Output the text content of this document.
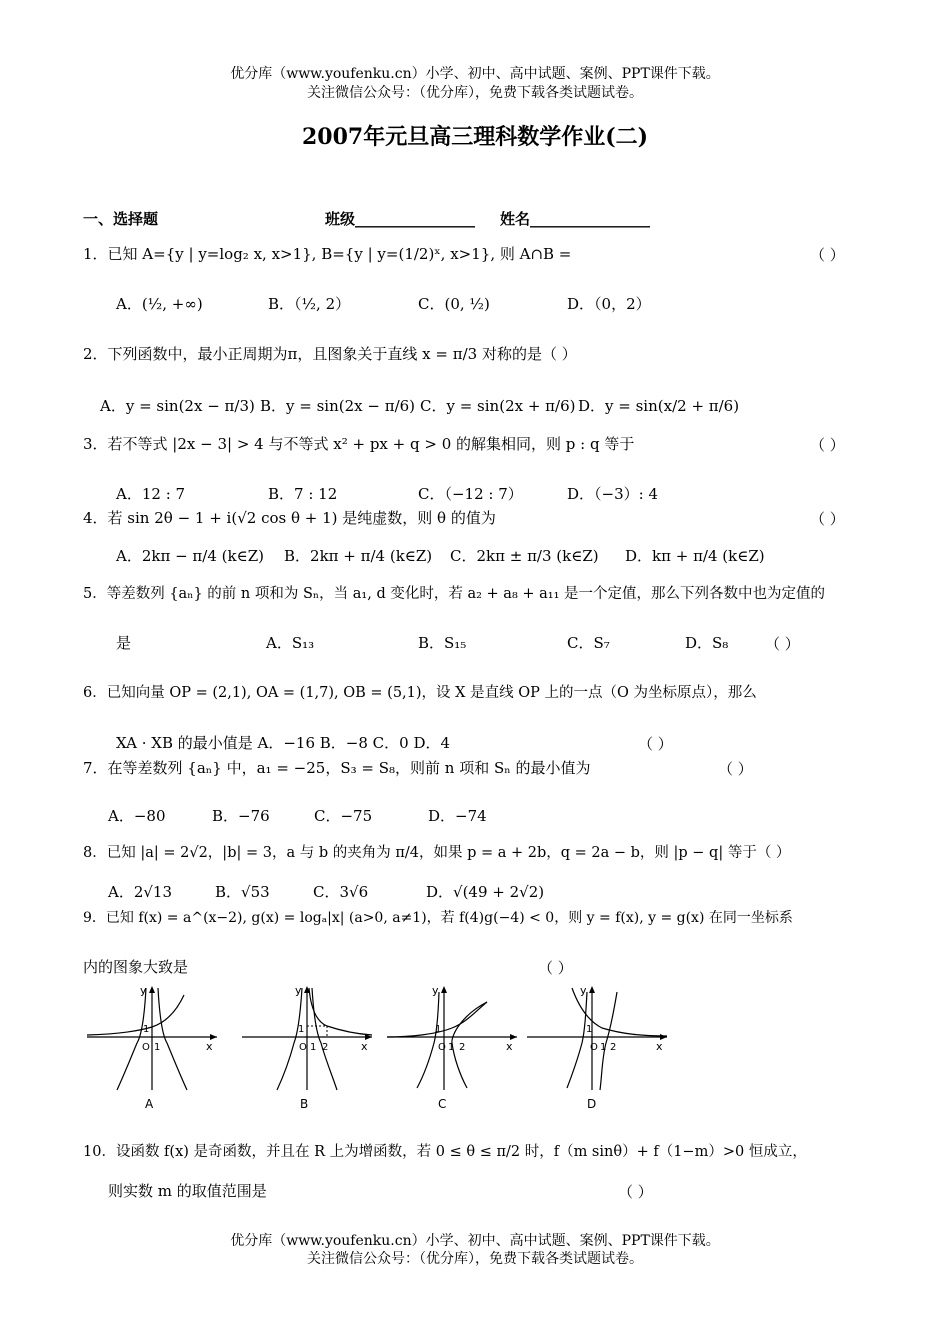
优分库（www.youfenku.cn）小学、初中、高中试题、案例、PPT课件下载。
关注微信公众号：（优分库），免费下载各类试题试卷。
2007年元旦高三理科数学作业(二)
一、选择题	班级________________ 姓名________________
1．已知 A={y | y=log₂ x, x>1}, B={y | y=(1/2)ˣ, x>1}, 则 A∩B =	（ ）
A．(½, +∞)	B．（½, 2）	C．(0, ½)	D．（0，2）
2．下列函数中，最小正周期为π，且图象关于直线 x = π/3 对称的是（ ）
A．y = sin(2x − π/3) B．y = sin(2x − π/6) C．y = sin(2x + π/6) D．y = sin(x/2 + π/6)
3．若不等式 |2x − 3| > 4 与不等式 x² + px + q > 0 的解集相同，则 p : q 等于	（ ）
A．12 : 7	B．7 : 12	C．（−12 : 7）	D．（−3）: 4
4．若 sin 2θ − 1 + i(√2 cos θ + 1) 是纯虚数，则 θ 的值为	（ ）
A．2kπ − π/4 (k∈Z) B．2kπ + π/4 (k∈Z) C．2kπ ± π/3 (k∈Z) D．kπ + π/4 (k∈Z)
5．等差数列 {aₙ} 的前 n 项和为 Sₙ，当 a₁, d 变化时，若 a₂ + a₈ + a₁₁ 是一个定值，那么下列各数中也为定值的
是	A．S₁₃	B．S₁₅	C．S₇	D．S₈ （ ）
6．已知向量 OP = (2,1), OA = (1,7), OB = (5,1)，设 X 是直线 OP 上的一点（O 为坐标原点），那么
XA · XB 的最小值是 A．−16 B．−8 C．0 D．4	（ ）
7．在等差数列 {aₙ} 中，a₁ = −25，S₃ = S₈，则前 n 项和 Sₙ 的最小值为	（ ）
A．−80	B．−76	C．−75	D．−74
8．已知 |a| = 2√2，|b| = 3，a 与 b 的夹角为 π/4，如果 p = a + 2b，q = 2a − b，则 |p − q| 等于（ ）
A．2√13	B．√53	C．3√6	D．√(49 + 2√2)
9．已知 f(x) = a^(x−2), g(x) = logₐ|x| (a>0, a≠1)，若 f(4)g(−4) < 0，则 y = f(x), y = g(x) 在同一坐标系
内的图象大致是	（ ）
y
x
O 1
1
A
y
x
O 1 2
1
B
y
x
O 1 2
1
C
y
x
O 1 2
1
D
10．设函数 f(x) 是奇函数，并且在 R 上为增函数，若 0 ≤ θ ≤ π/2 时，f（m sinθ）+ f（1−m）>0 恒成立，
则实数 m 的取值范围是	（ ）
优分库（www.youfenku.cn）小学、初中、高中试题、案例、PPT课件下载。
关注微信公众号：（优分库），免费下载各类试题试卷。
